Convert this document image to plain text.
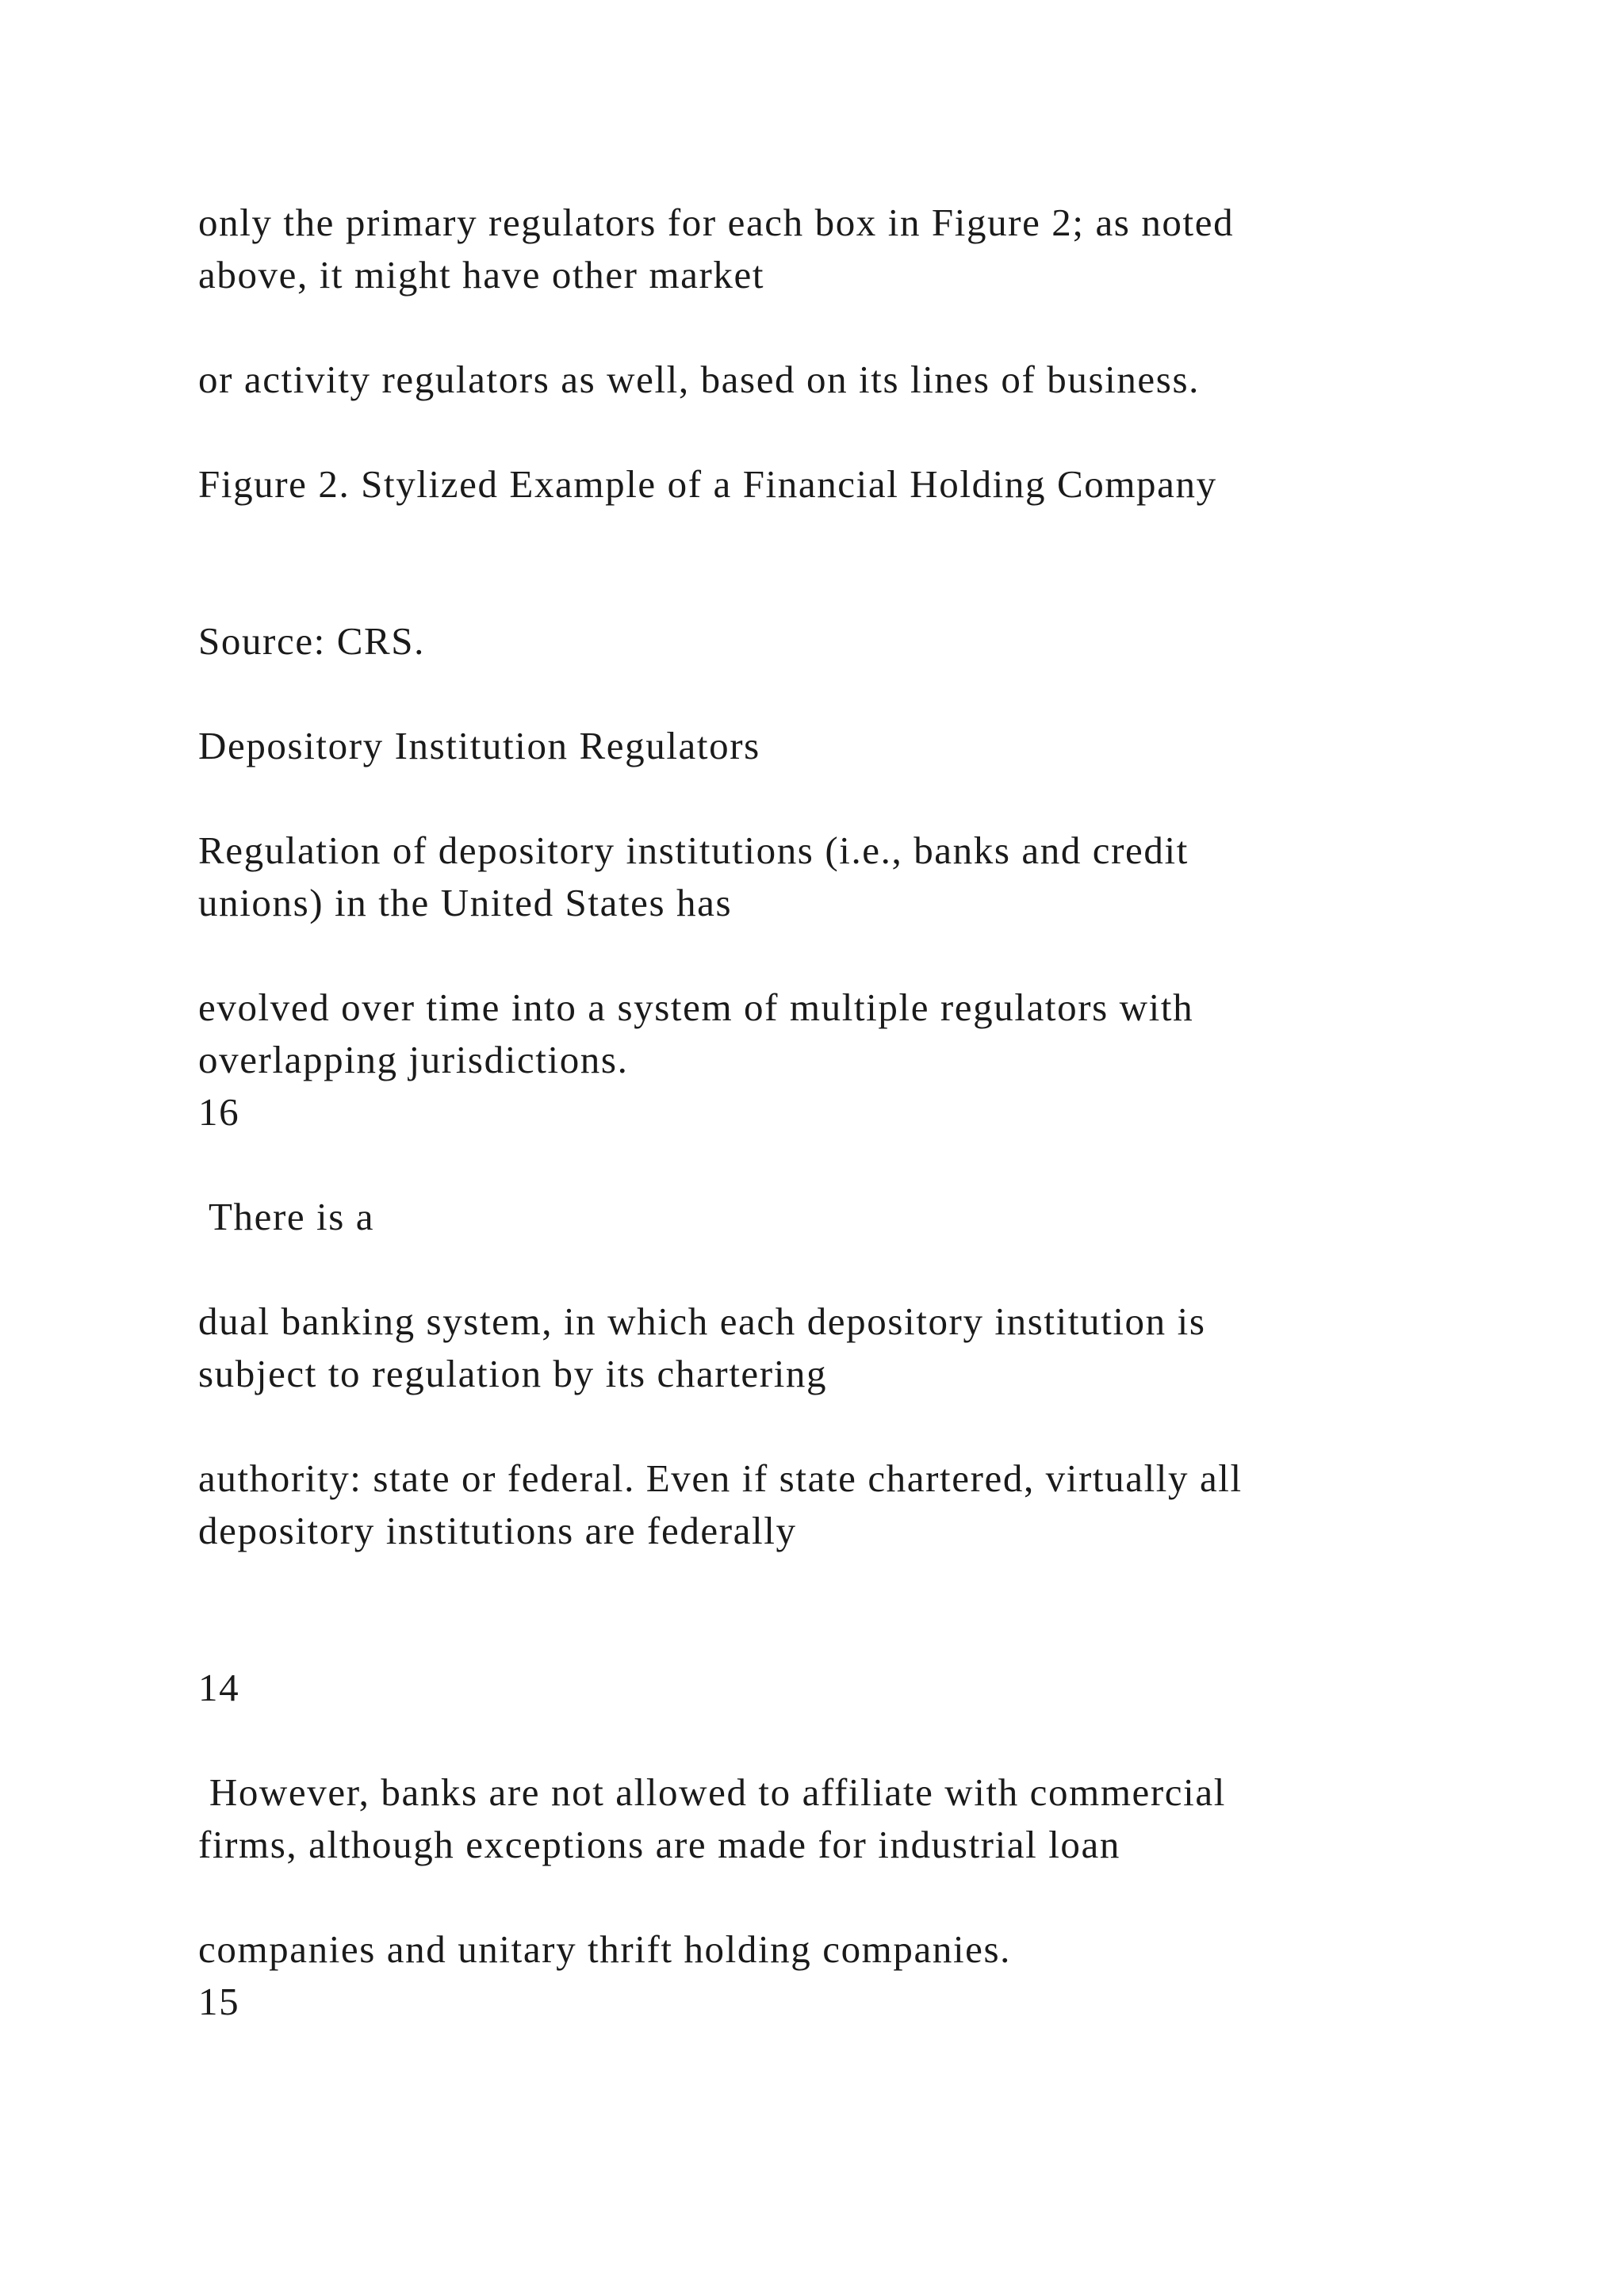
only the primary regulators for each box in Figure 2; as noted

above, it might have other market

or activity regulators as well, based on its lines of business.

Figure 2. Stylized Example of a Financial Holding Company

Source: CRS.

Depository Institution Regulators

Regulation of depository institutions (i.e., banks and credit

unions) in the United States has

evolved over time into a system of multiple regulators with

overlapping jurisdictions.

16

There is a

dual banking system, in which each depository institution is

subject to regulation by its chartering

authority: state or federal. Even if state chartered, virtually all

depository institutions are federally

14

However, banks are not allowed to affiliate with commercial

firms, although exceptions are made for industrial loan

companies and unitary thrift holding companies.

15
